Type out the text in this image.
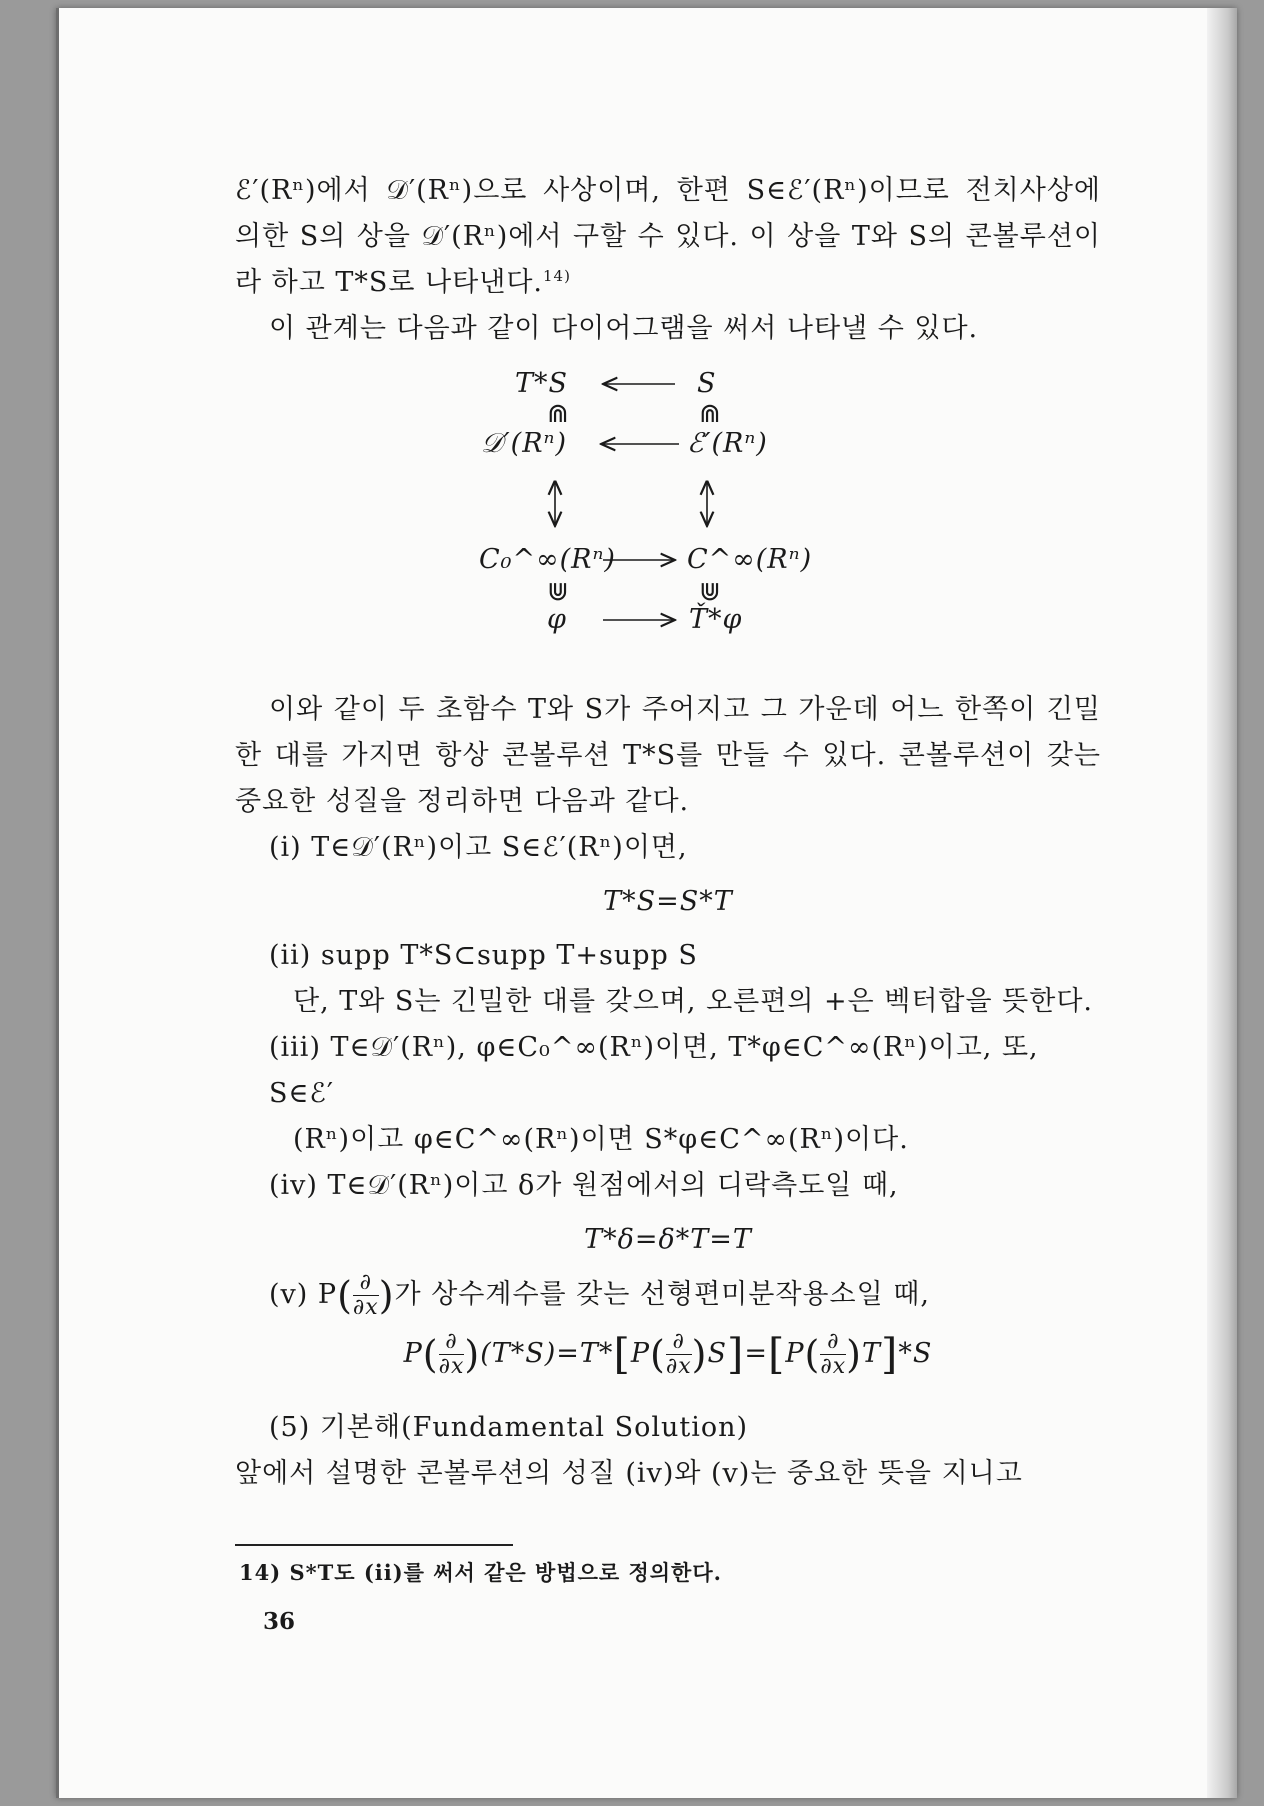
ℰ′(Rⁿ)에서 𝒟′(Rⁿ)으로 사상이며, 한편 S∈ℰ′(Rⁿ)이므로 전치사상에 의한 S의 상을 𝒟′(Rⁿ)에서 구할 수 있다. 이 상을 T와 S의 콘볼루션이라 하고 T*S로 나타낸다.$^{14)}$

이 관계는 다음과 같이 다이어그램을 써서 나타낼 수 있다.

T*S	S
⋒	⋒
𝒟′(Rⁿ)	ℰ′(Rⁿ)
C₀^∞(Rⁿ)	C^∞(Rⁿ)
⋓	⋓
φ	Ť*φ

이와 같이 두 초함수 T와 S가 주어지고 그 가운데 어느 한쪽이 긴밀한 대를 가지면 항상 콘볼루션 T*S를 만들 수 있다. 콘볼루션이 갖는 중요한 성질을 정리하면 다음과 같다.

(i) T∈𝒟′(Rⁿ)이고 S∈ℰ′(Rⁿ)이면,

T*S=S*T

(ii) supp T*S⊂supp T+supp S

단, T와 S는 긴밀한 대를 갖으며, 오른편의 +은 벡터합을 뜻한다.

(iii) T∈𝒟′(Rⁿ), φ∈C₀^∞(Rⁿ)이면, T*φ∈C^∞(Rⁿ)이고, 또, S∈ℰ′

(Rⁿ)이고 φ∈C^∞(Rⁿ)이면 S*φ∈C^∞(Rⁿ)이다.

(iv) T∈𝒟′(Rⁿ)이고 δ가 원점에서의 디락측도일 때,

T*δ=δ*T=T

(v) $P( \frac{\partial}{\partial x}$ )가 상수계수를 갖는 선형편미분작용소일 때,

$P( \frac{\partial}{\partial x} )(T*S)=T*[P( \frac{\partial}{\partial x} )S]=[P( \frac{\partial}{\partial x} )T]*S$

(5) 기본해(Fundamental Solution)

앞에서 설명한 콘볼루션의 성질 (iv)와 (v)는 중요한 뜻을 지니고

14) S*T도 (ii)를 써서 같은 방법으로 정의한다.
36
